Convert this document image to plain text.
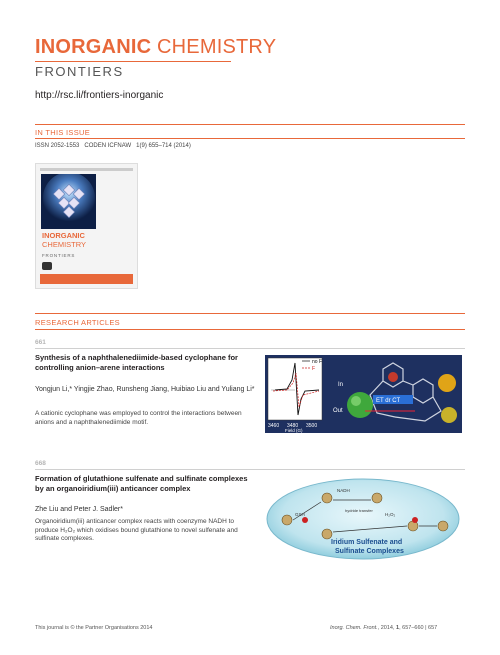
INORGANIC CHEMISTRY
FRONTIERS
http://rsc.li/frontiers-inorganic
IN THIS ISSUE
ISSN 2052-1553   CODEN ICFNAW   1(9) 655–714 (2014)
INORGANIC
CHEMISTRY
FRONTIERS
RESEARCH ARTICLES
661
Synthesis of a naphthalenediimide-based cyclophane for controlling anion–arene interactions
Yongjun Li,* Yingjie Zhao, Runsheng Jiang, Huibiao Liu and Yuliang Li*
A cationic cyclophane was employed to control the interactions between anions and a naphthalenediimide motif.
no F
F
3460 3480 3500
Field (G)
In
Out
ET dr CT
668
Formation of glutathione sulfenate and sulfinate complexes by an organoiridium(iii) anticancer complex
Zhe Liu and Peter J. Sadler*
Organoiridium(iii) anticancer complex reacts with coenzyme NADH to produce H₂O₂ which oxidises bound glutathione to novel sulfenate and sulfinate complexes.
NADH
hydride transfer
H₂O₂
GSH
Iridium Sulfenate and
Sulfinate Complexes
This journal is © the Partner Organisations 2014	Inorg. Chem. Front., 2014, 1, 657–660 | 657
